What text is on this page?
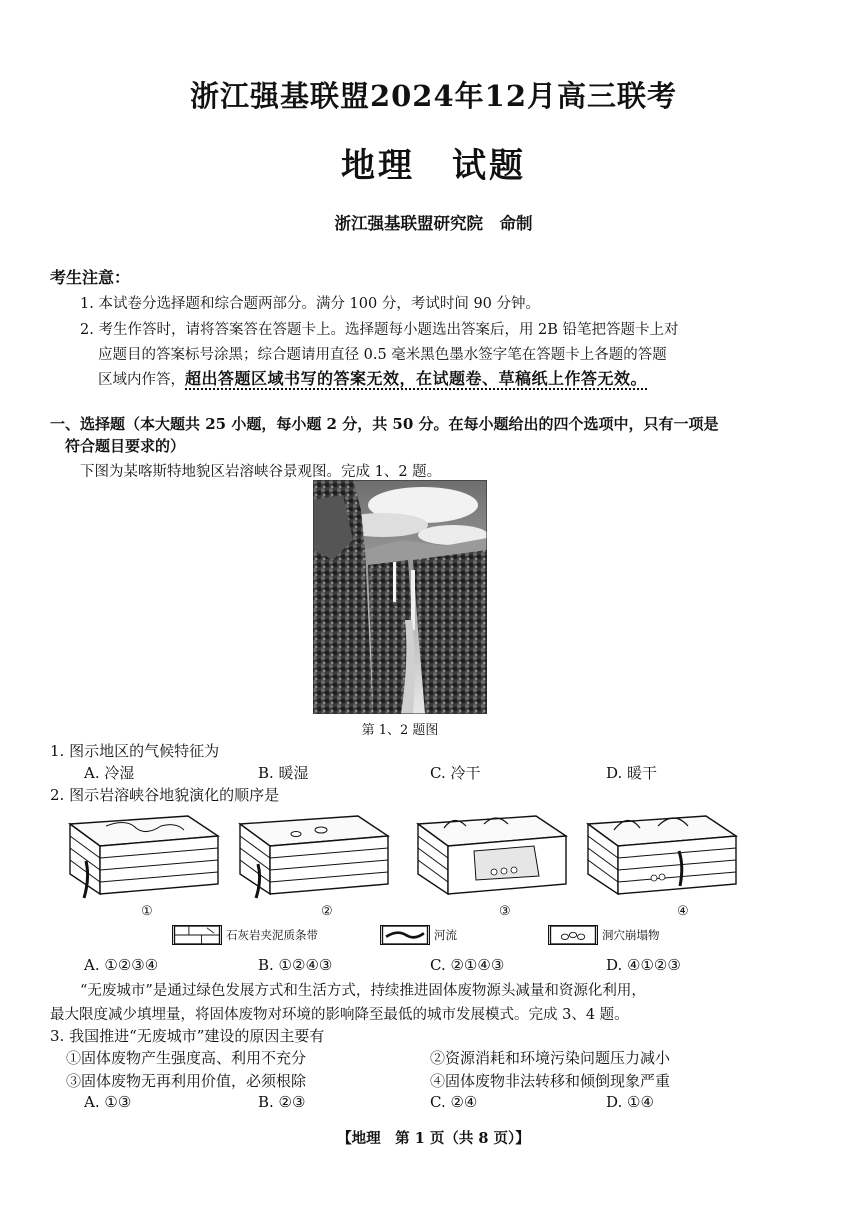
浙江强基联盟2024年12月高三联考
地理　试题
浙江强基联盟研究院　命制
考生注意：
1. 本试卷分选择题和综合题两部分。满分 100 分，考试时间 90 分钟。
2. 考生作答时，请将答案答在答题卡上。选择题每小题选出答案后，用 2B 铅笔把答题卡上对
应题目的答案标号涂黑；综合题请用直径 0.5 毫米黑色墨水签字笔在答题卡上各题的答题
区域内作答，超出答题区域书写的答案无效，在试题卷、草稿纸上作答无效。
一、选择题（本大题共 25 小题，每小题 2 分，共 50 分。在每小题给出的四个选项中，只有一项是
符合题目要求的）
下图为某喀斯特地貌区岩溶峡谷景观图。完成 1、2 题。
第 1、2 题图
1. 图示地区的气候特征为
A. 冷湿	B. 暖湿	C. 冷干	D. 暖干
2. 图示岩溶峡谷地貌演化的顺序是
①	②	③	④
石灰岩夹泥质条带	河流	洞穴崩塌物
A. ①②③④	B. ①②④③	C. ②①④③	D. ④①②③
“无废城市”是通过绿色发展方式和生活方式，持续推进固体废物源头减量和资源化利用，
最大限度减少填埋量，将固体废物对环境的影响降至最低的城市发展模式。完成 3、4 题。
3. 我国推进“无废城市”建设的原因主要有
①固体废物产生强度高、利用不充分	②资源消耗和环境污染问题压力减小
③固体废物无再利用价值，必须根除	④固体废物非法转移和倾倒现象严重
A. ①③	B. ②③	C. ②④	D. ①④
【地理　第 1 页（共 8 页）】
